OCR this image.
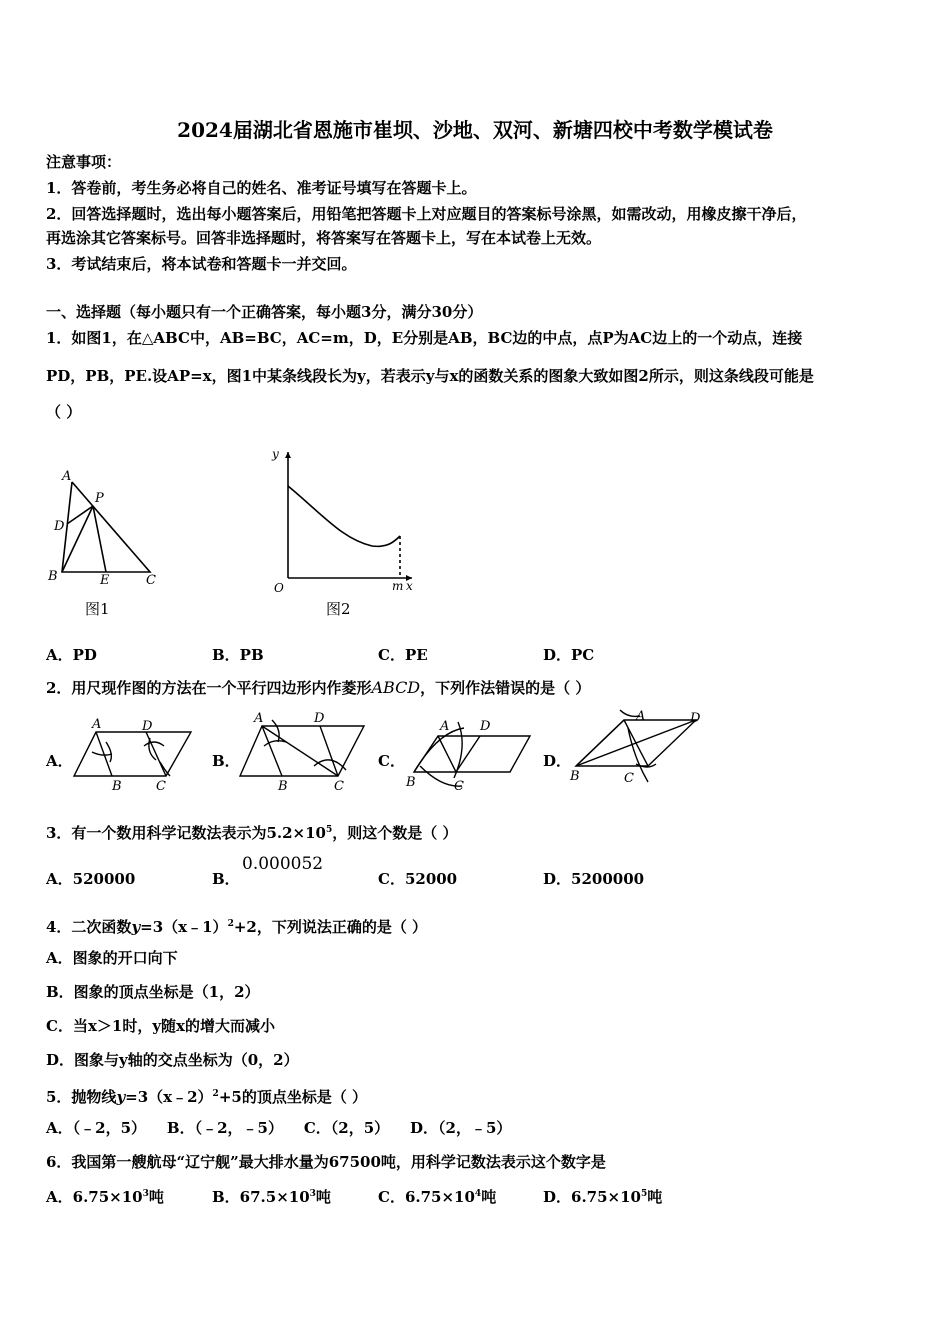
2024届湖北省恩施市崔坝、沙地、双河、新塘四校中考数学模试卷
注意事项：
1．答卷前，考生务必将自己的姓名、准考证号填写在答题卡上。
2．回答选择题时，选出每小题答案后，用铅笔把答题卡上对应题目的答案标号涂黑，如需改动，用橡皮擦干净后，
再选涂其它答案标号。回答非选择题时，将答案写在答题卡上，写在本试卷上无效。
3．考试结束后，将本试卷和答题卡一并交回。
一、选择题（每小题只有一个正确答案，每小题3分，满分30分）
1．如图1，在△ABC中，AB=BC，AC=m，D，E分别是AB，BC边的中点，点P为AC边上的一个动点，连接
PD，PB，PE.设AP=x，图1中某条线段长为y，若表示y与x的函数关系的图象大致如图2所示，则这条线段可能是
（ ）
A
P
D
B	E	C
图1
y
O	m x
图2
A．PD	B．PB	C．PE	D．PC
2．用尺现作图的方法在一个平行四边形内作菱形ABCD，下列作法错误的是（ ）
A．
A	D
B	C
B．
A	D
B	C
C．
A D
B	C
D．
A	D
B	C
3．有一个数用科学记数法表示为$5.2\times 10^5$，则这个数是（ ）
A．520000	B．
0.000052
C．52000	D．5200000
4．二次函数y=3（x﹣1）$^2$+2，下列说法正确的是（ ）
A．图象的开口向下
B．图象的顶点坐标是（1，2）
C．当x＞1时，y随x的增大而减小
D．图象与y轴的交点坐标为（0，2）
5．抛物线y=3（x﹣2）$^2$+5的顶点坐标是（ ）
A．（﹣2，5）    B．（﹣2，﹣5）    C．（2，5）    D．（2，﹣5）
6．我国第一艘航母“辽宁舰”最大排水量为67500吨，用科学记数法表示这个数字是
A．$6.75\times 10^3$吨	B．$67.5\times 10^3$吨	C．$6.75\times 10^4$吨	D．$6.75\times 10^5$吨
